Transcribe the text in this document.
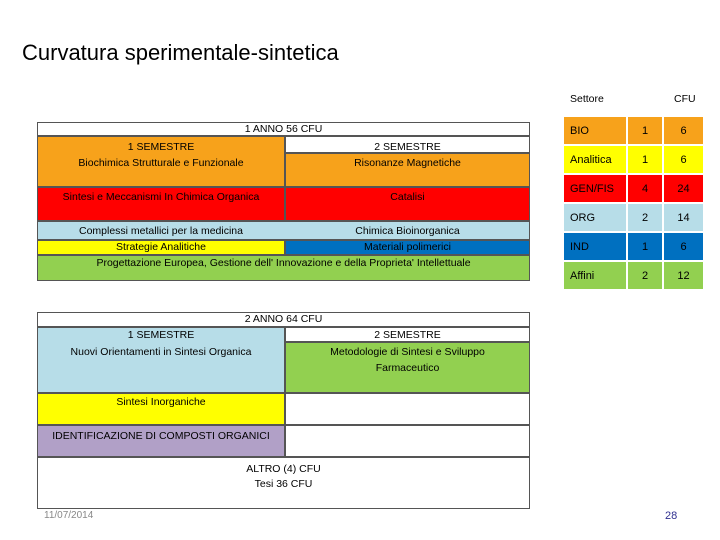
Curvatura sperimentale-sintetica
1 ANNO 56 CFU
1 SEMESTRE
Biochimica Strutturale e Funzionale
2 SEMESTRE
Risonanze Magnetiche
Sintesi e Meccanismi In Chimica Organica	Catalisi
Complessi metallici per la medicina	Chimica Bioinorganica
Strategie Analitiche	Materiali polimerici
Progettazione Europea, Gestione dell' Innovazione e della Proprieta' Intellettuale
2 ANNO 64 CFU
1 SEMESTRE
Nuovi Orientamenti in Sintesi Organica
2 SEMESTRE
Metodologie di Sintesi e Sviluppo
Farmaceutico
Sintesi Inorganiche
IDENTIFICAZIONE DI COMPOSTI ORGANICI
ALTRO (4) CFU
Tesi 36 CFU
Settore	CFU
BIO	1	6
Analitica	1	6
GEN/FIS	4	24
ORG	2	14
IND	1	6
Affini	2	12
11/07/2014	28
